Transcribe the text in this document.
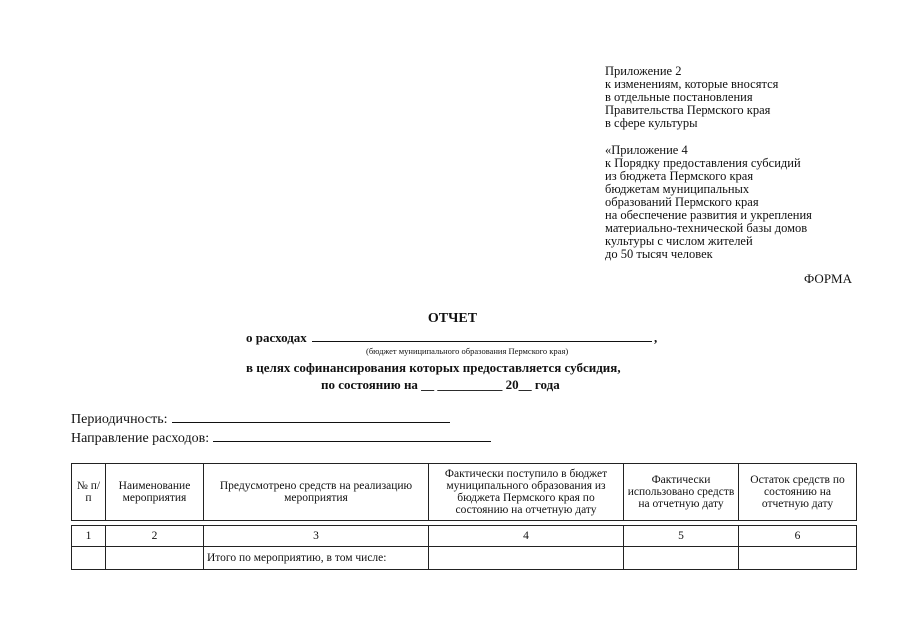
Приложение 2
к изменениям, которые вносятся
в отдельные постановления
Правительства Пермского края
в сфере культуры
«Приложение 4
к Порядку предоставления субсидий
из бюджета Пермского края
бюджетам муниципальных
образований Пермского края
на обеспечение развития и укрепления
материально-технической базы домов
культуры с числом жителей
до 50 тысяч человек
ФОРМА
ОТЧЕТ
о расходах	,
(бюджет муниципального образования Пермского края)
в целях софинансирования которых предоставляется субсидия,
по состоянию на __ __________ 20__ года
Периодичность:
Направление расходов:
№ п/п	Наименование мероприятия	Предусмотрено средств на реализацию мероприятия	Фактически поступило в бюджет муниципального образования из бюджета Пермского края по состоянию на отчетную дату	Фактически использовано средств на отчетную дату	Остаток средств по состоянию на отчетную дату

1	2	3	4	5	6
		Итого по мероприятию, в том числе:			
